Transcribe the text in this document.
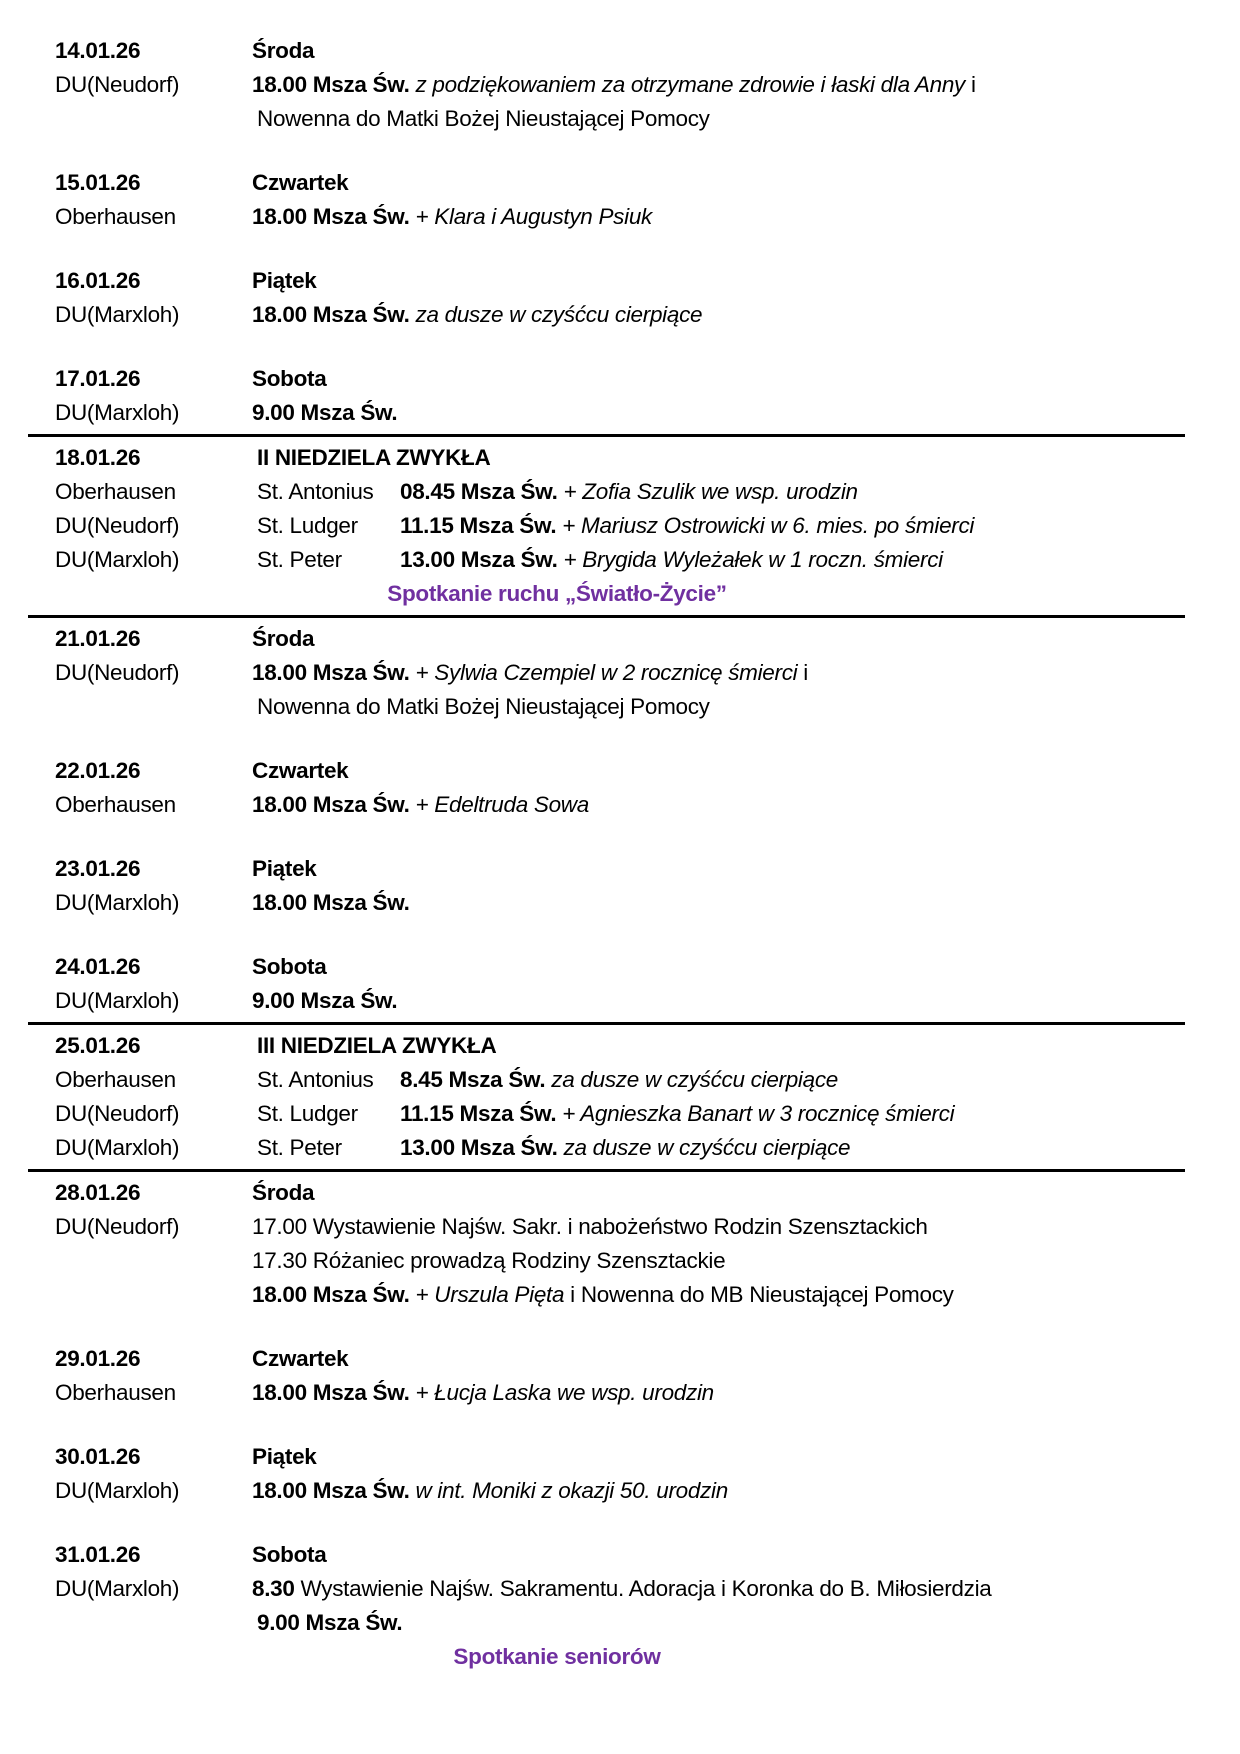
14.01.26	Środa
DU(Neudorf)	18.00 Msza Św. z podziękowaniem za otrzymane zdrowie i łaski dla Anny i
Nowenna do Matki Bożej Nieustającej Pomocy
15.01.26	Czwartek
Oberhausen	18.00 Msza Św. + Klara i Augustyn Psiuk
16.01.26	Piątek
DU(Marxloh)	18.00 Msza Św. za dusze w czyśćcu cierpiące
17.01.26	Sobota
DU(Marxloh)	9.00 Msza Św.
18.01.26	II NIEDZIELA ZWYKŁA
Oberhausen	St. Antonius	08.45 Msza Św. + Zofia Szulik we wsp. urodzin
DU(Neudorf)	St. Ludger	11.15 Msza Św. + Mariusz Ostrowicki w 6. mies. po śmierci
DU(Marxloh)	St. Peter	13.00 Msza Św. + Brygida Wyleżałek w 1 roczn. śmierci
Spotkanie ruchu „Światło-Życie”
21.01.26	Środa
DU(Neudorf)	18.00 Msza Św. + Sylwia Czempiel w 2 rocznicę śmierci i
Nowenna do Matki Bożej Nieustającej Pomocy
22.01.26	Czwartek
Oberhausen	18.00 Msza Św. + Edeltruda Sowa
23.01.26	Piątek
DU(Marxloh)	18.00 Msza Św.
24.01.26	Sobota
DU(Marxloh)	9.00 Msza Św.
25.01.26	III NIEDZIELA ZWYKŁA
Oberhausen	St. Antonius	8.45 Msza Św. za dusze w czyśćcu cierpiące
DU(Neudorf)	St. Ludger	11.15 Msza Św. + Agnieszka Banart w 3 rocznicę śmierci
DU(Marxloh)	St. Peter	13.00 Msza Św. za dusze w czyśćcu cierpiące
28.01.26	Środa
DU(Neudorf)	17.00 Wystawienie Najśw. Sakr. i nabożeństwo Rodzin Szensztackich
17.30 Różaniec prowadzą Rodziny Szensztackie
18.00 Msza Św. + Urszula Pięta i Nowenna do MB Nieustającej Pomocy
29.01.26	Czwartek
Oberhausen	18.00 Msza Św. + Łucja Laska we wsp. urodzin
30.01.26	Piątek
DU(Marxloh)	18.00 Msza Św. w int. Moniki z okazji 50. urodzin
31.01.26	Sobota
DU(Marxloh)	8.30 Wystawienie Najśw. Sakramentu. Adoracja i Koronka do B. Miłosierdzia
9.00 Msza Św.
Spotkanie seniorów
